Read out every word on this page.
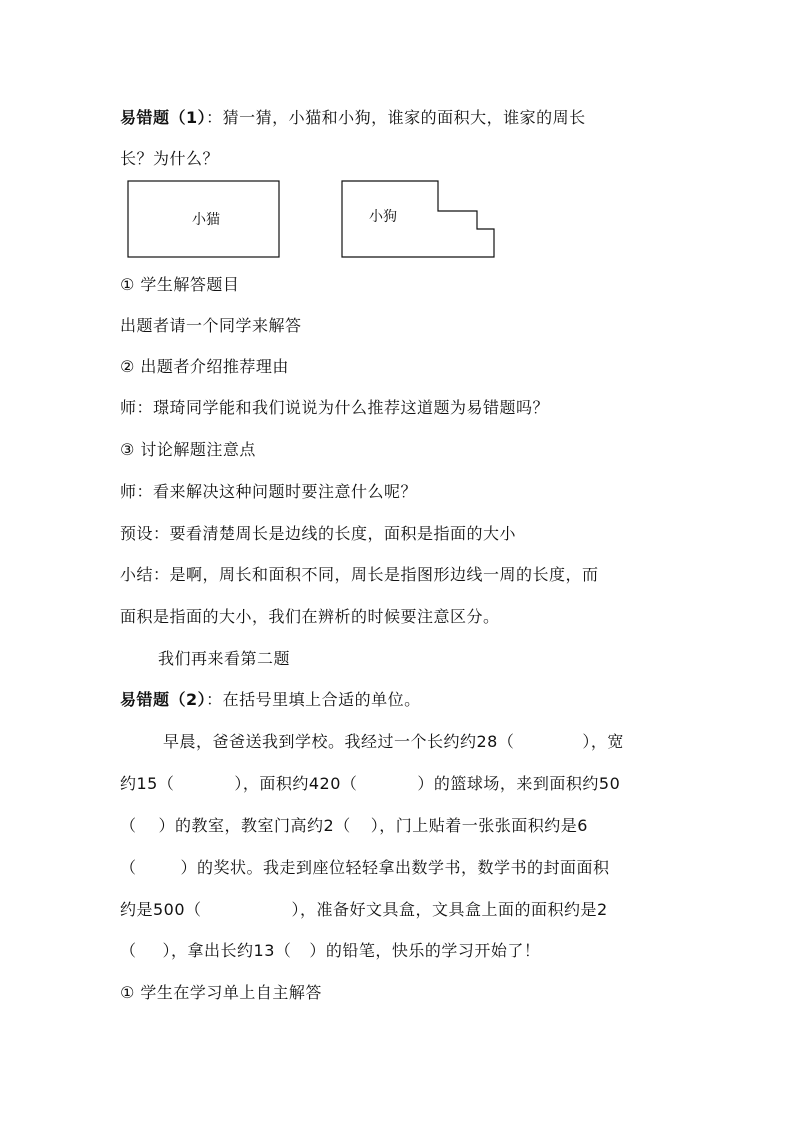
易错题（1）：猜一猜，小猫和小狗，谁家的面积大，谁家的周长
长？为什么？
小猫	小狗
① 学生解答题目
出题者请一个同学来解答
② 出题者介绍推荐理由
师：璟琦同学能和我们说说为什么推荐这道题为易错题吗？
③ 讨论解题注意点
师：看来解决这种问题时要注意什么呢？
预设：要看清楚周长是边线的长度，面积是指面的大小
小结：是啊，周长和面积不同，周长是指图形边线一周的长度，而
面积是指面的大小，我们在辨析的时候要注意区分。
我们再来看第二题
易错题（2）：在括号里填上合适的单位。
早晨，爸爸送我到学校。我经过一个长约约28（	），宽
约15（	），面积约420（	）的篮球场，来到面积约50
（ ）的教室，教室门高约2（ ），门上贴着一张张面积约是6
（	）的奖状。我走到座位轻轻拿出数学书，数学书的封面面积
约是500（	），准备好文具盒，文具盒上面的面积约是2
（ ），拿出长约13（ ）的铅笔，快乐的学习开始了！
① 学生在学习单上自主解答
